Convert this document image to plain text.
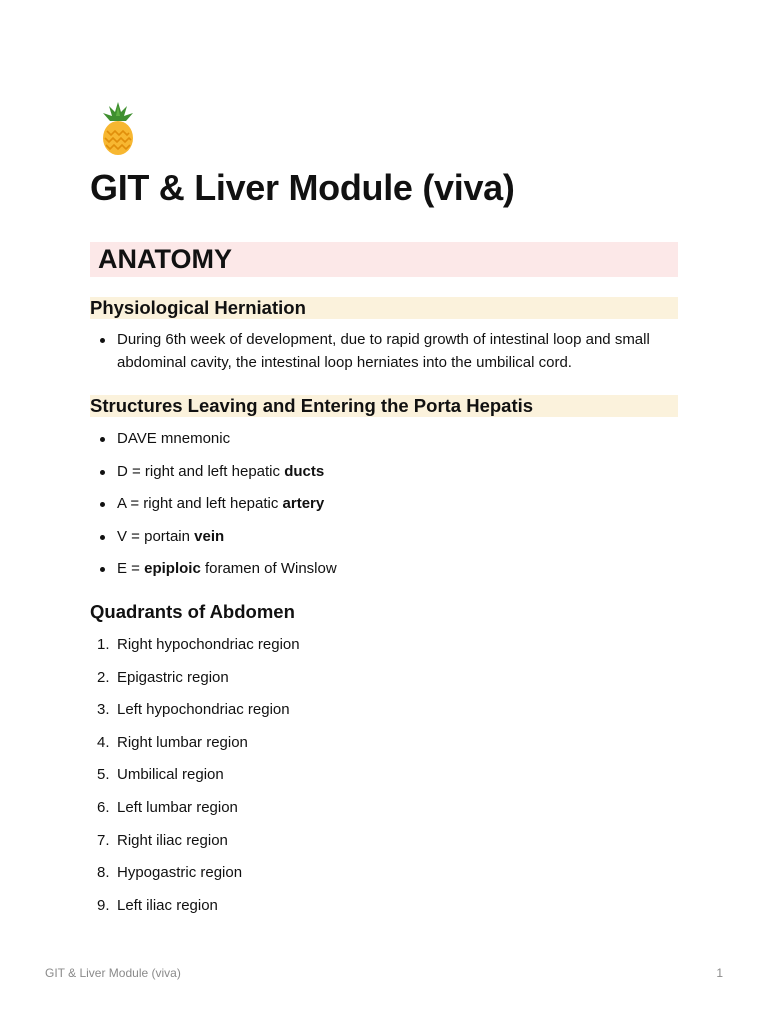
GIT & Liver Module (viva)
ANATOMY
Physiological Herniation
During 6th week of development, due to rapid growth of intestinal loop and small
abdominal cavity, the intestinal loop herniates into the umbilical cord.
Structures Leaving and Entering the Porta Hepatis
DAVE mnemonic
D = right and left hepatic ducts
A = right and left hepatic artery
V = portain vein
E = epiploic foramen of Winslow
Quadrants of Abdomen
1. Right hypochondriac region
2. Epigastric region
3. Left hypochondriac region
4. Right lumbar region
5. Umbilical region
6. Left lumbar region
7. Right iliac region
8. Hypogastric region
9. Left iliac region
GIT & Liver Module (viva)	1
